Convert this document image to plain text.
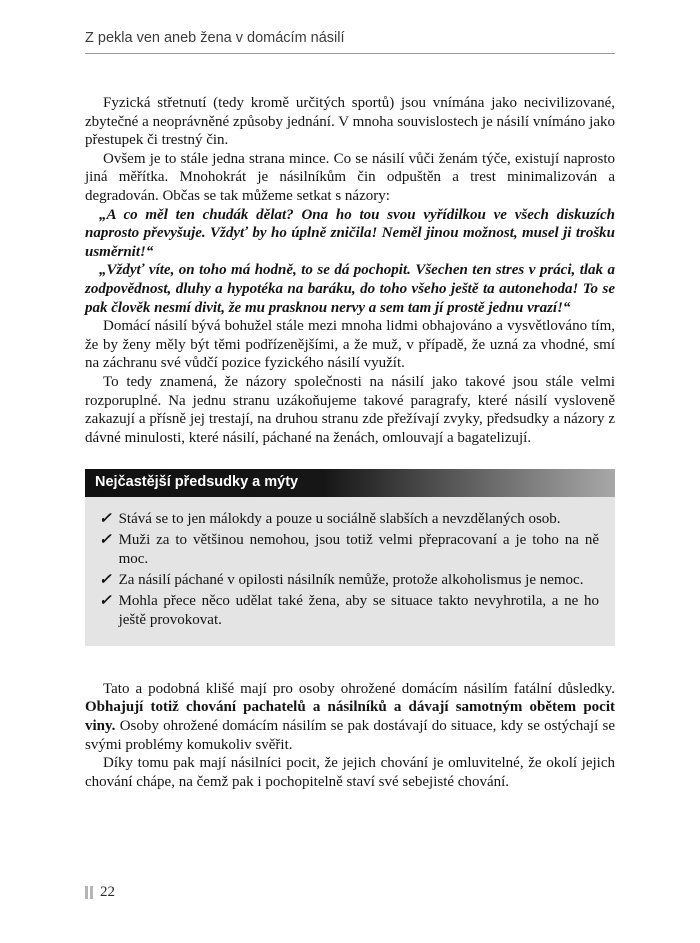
Z pekla ven aneb žena v domácím násilí

Fyzická střetnutí (tedy kromě určitých sportů) jsou vnímána jako necivilizované, zbytečné a neoprávněné způsoby jednání. V mnoha souvislostech je násilí vnímáno jako přestupek či trestný čin.

Ovšem je to stále jedna strana mince. Co se násilí vůči ženám týče, existují naprosto jiná měřítka. Mnohokrát je násilníkům čin odpuštěn a trest minimalizován a degradován. Občas se tak můžeme setkat s názory:

„A co měl ten chudák dělat? Ona ho tou svou vyřídilkou ve všech diskuzích naprosto převyšuje. Vždyť by ho úplně zničila! Neměl jinou možnost, musel ji trošku usměrnit!“

„Vždyť víte, on toho má hodně, to se dá pochopit. Všechen ten stres v práci, tlak a zodpovědnost, dluhy a hypotéka na baráku, do toho všeho ještě ta autonehoda! To se pak člověk nesmí divit, že mu prasknou nervy a sem tam jí prostě jednu vrazí!“

Domácí násilí bývá bohužel stále mezi mnoha lidmi obhajováno a vysvětlováno tím, že by ženy měly být těmi podřízenějšími, a že muž, v případě, že uzná za vhodné, smí na záchranu své vůdčí pozice fyzického násilí využít.

To tedy znamená, že názory společnosti na násilí jako takové jsou stále velmi rozporuplné. Na jednu stranu uzákoňujeme takové paragrafy, které násilí vysloveně zakazují a přísně jej trestají, na druhou stranu zde přežívají zvyky, předsudky a názory z dávné minulosti, které násilí, páchané na ženách, omlouvají a bagatelizují.

Nejčastější předsudky a mýty
✓ Stává se to jen málokdy a pouze u sociálně slabších a nevzdělaných osob.
✓ Muži za to většinou nemohou, jsou totiž velmi přepracovaní a je toho na ně moc.
✓ Za násilí páchané v opilosti násilník nemůže, protože alkoholismus je nemoc.
✓ Mohla přece něco udělat také žena, aby se situace takto nevyhrotila, a ne ho ještě provokovat.

Tato a podobná klišé mají pro osoby ohrožené domácím násilím fatální důsledky. Obhajují totiž chování pachatelů a násilníků a dávají samotným obětem pocit viny. Osoby ohrožené domácím násilím se pak dostávají do situace, kdy se ostýchají se svými problémy komukoliv svěřit.

Díky tomu pak mají násilníci pocit, že jejich chování je omluvitelné, že okolí jejich chování chápe, na čemž pak i pochopitelně staví své sebejisté chování.

22
